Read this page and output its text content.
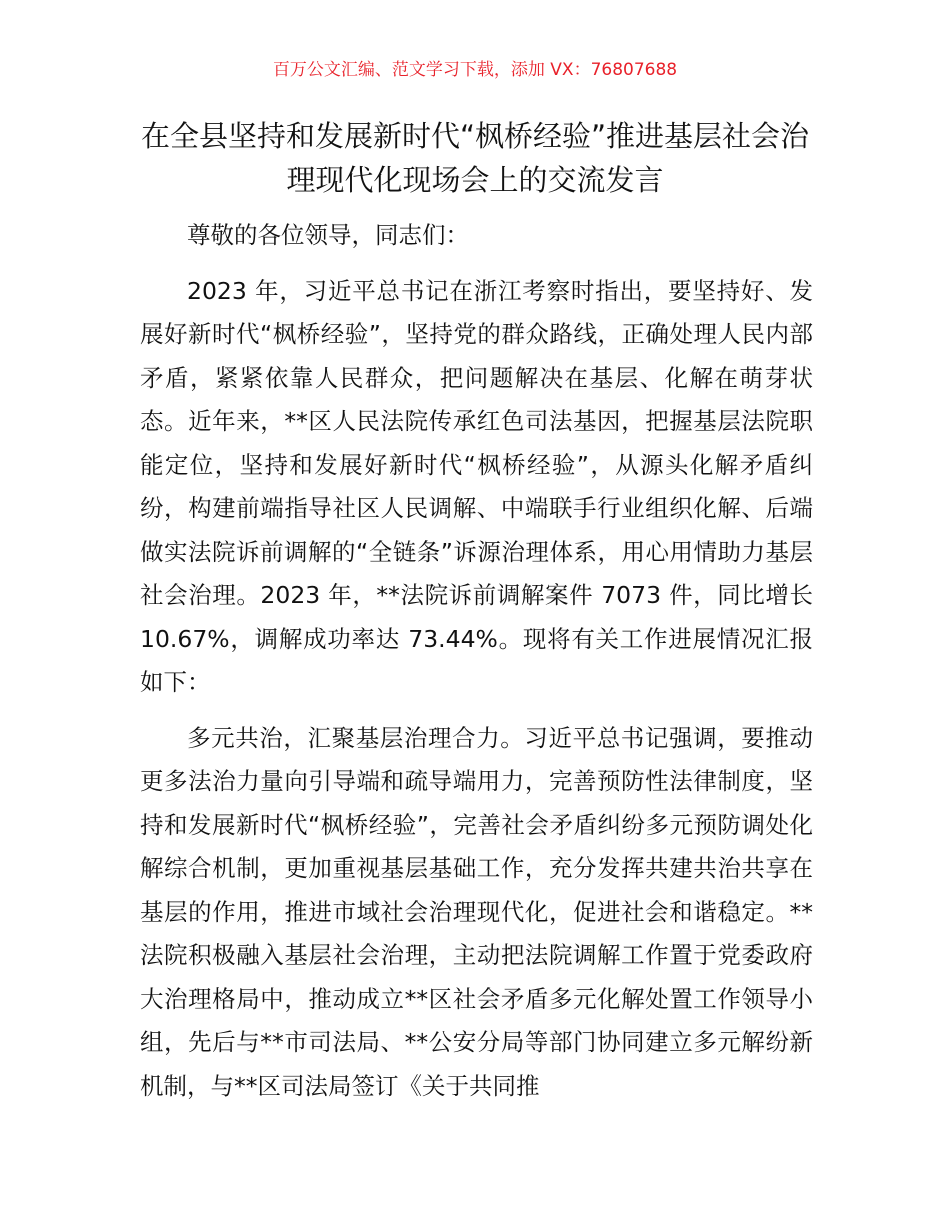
百万公文汇编、范文学习下载，添加 VX：76807688
在全县坚持和发展新时代“枫桥经验”推进基层社会治理现代化现场会上的交流发言

尊敬的各位领导，同志们：

2023 年，习近平总书记在浙江考察时指出，要坚持好、发展好新时代“枫桥经验”，坚持党的群众路线，正确处理人民内部矛盾，紧紧依靠人民群众，把问题解决在基层、化解在萌芽状态。近年来，**区人民法院传承红色司法基因，把握基层法院职能定位，坚持和发展好新时代“枫桥经验”，从源头化解矛盾纠纷，构建前端指导社区人民调解、中端联手行业组织化解、后端做实法院诉前调解的“全链条”诉源治理体系，用心用情助力基层社会治理。2023 年，**法院诉前调解案件 7073 件，同比增长 10.67%，调解成功率达 73.44%。现将有关工作进展情况汇报如下：

多元共治，汇聚基层治理合力。习近平总书记强调，要推动更多法治力量向引导端和疏导端用力，完善预防性法律制度，坚持和发展新时代“枫桥经验”，完善社会矛盾纠纷多元预防调处化解综合机制，更加重视基层基础工作，充分发挥共建共治共享在基层的作用，推进市域社会治理现代化，促进社会和谐稳定。**法院积极融入基层社会治理，主动把法院调解工作置于党委政府大治理格局中，推动成立**区社会矛盾多元化解处置工作领导小组，先后与**市司法局、**公安分局等部门协同建立多元解纷新机制，与**区司法局签订《关于共同推
